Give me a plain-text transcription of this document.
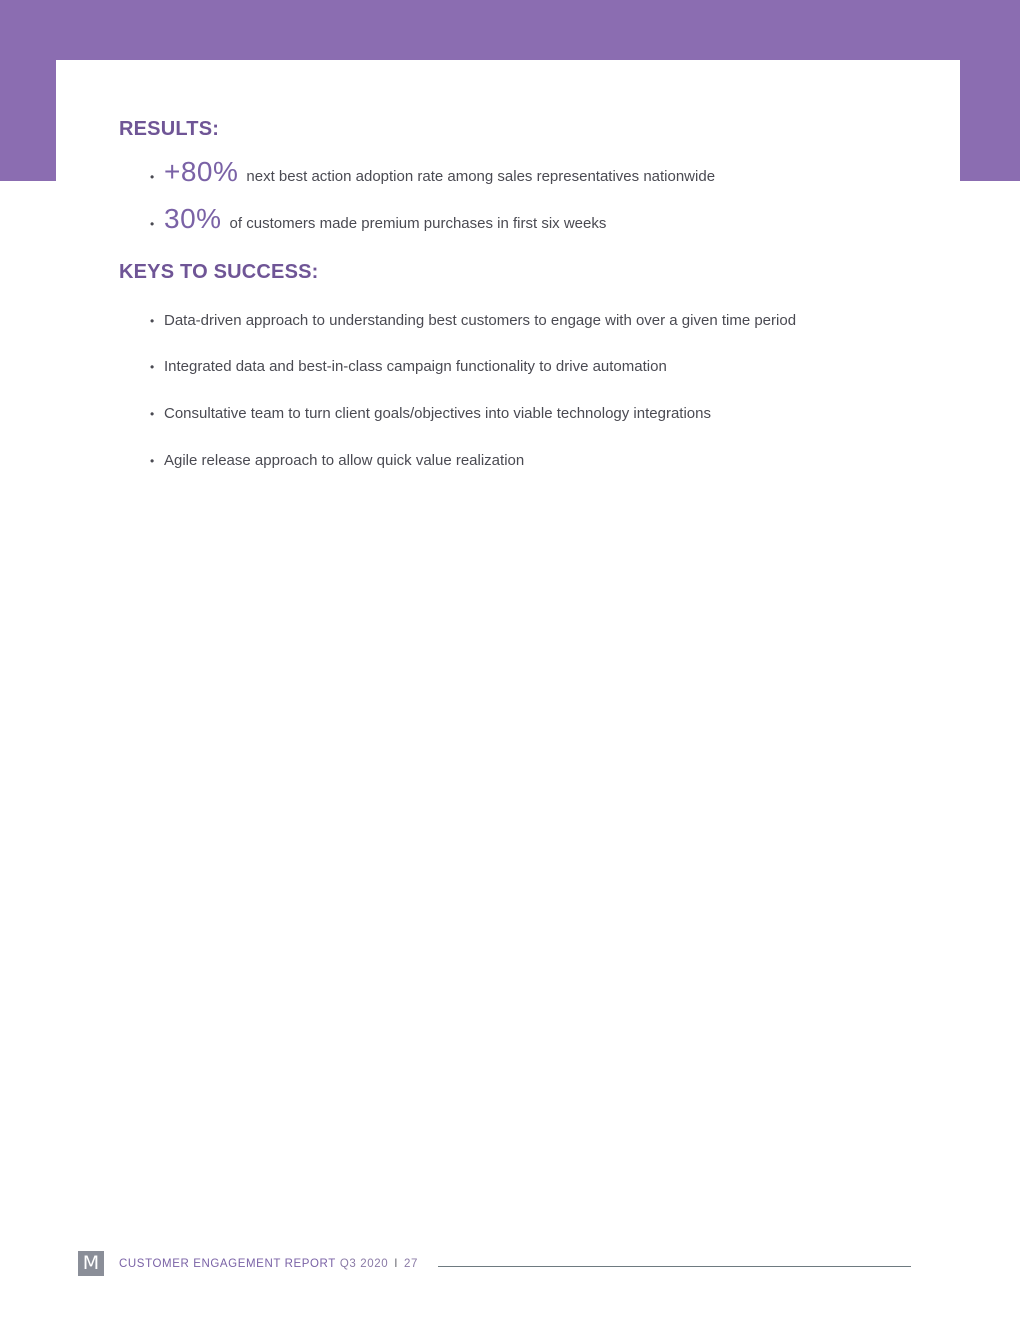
RESULTS:
• +80% next best action adoption rate among sales representatives nationwide
• 30% of customers made premium purchases in first six weeks
KEYS TO SUCCESS:
• Data-driven approach to understanding best customers to engage with over a given time period
• Integrated data and best-in-class campaign functionality to drive automation
• Consultative team to turn client goals/objectives into viable technology integrations
• Agile release approach to allow quick value realization
M	CUSTOMER ENGAGEMENT REPORT Q3 2020 I 27
